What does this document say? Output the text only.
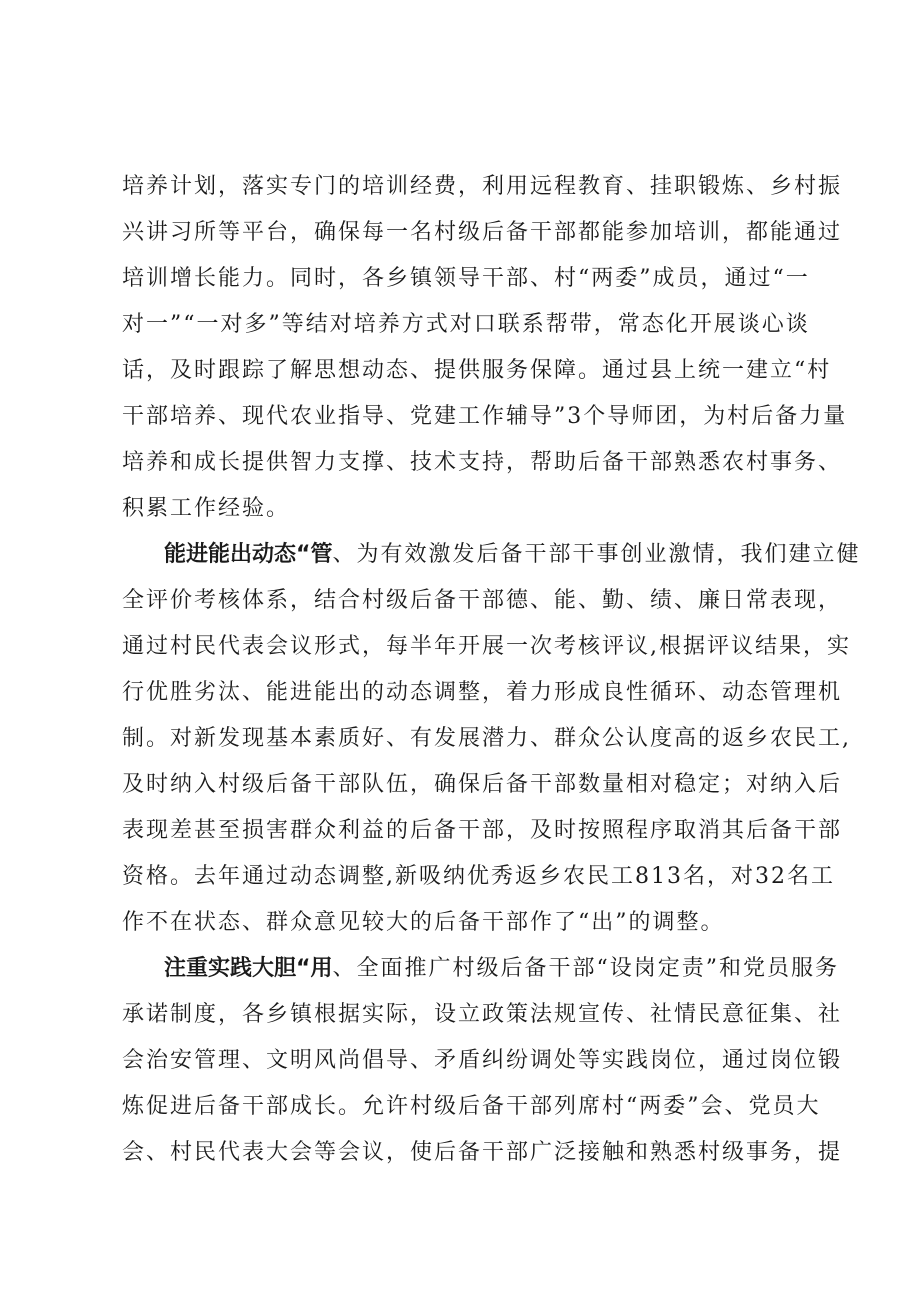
培养计划，落实专门的培训经费，利用远程教育、挂职锻炼、乡村振
兴讲习所等平台，确保每一名村级后备干部都能参加培训，都能通过
培训增长能力。同时，各乡镇领导干部、村“两委”成员，通过“一
对一”“一对多”等结对培养方式对口联系帮带，常态化开展谈心谈
话，及时跟踪了解思想动态、提供服务保障。通过县上统一建立“村
干部培养、现代农业指导、党建工作辅导”3个导师团，为村后备力量
培养和成长提供智力支撑、技术支持，帮助后备干部熟悉农村事务、
积累工作经验。
能进能出动态“管、为有效激发后备干部干事创业激情，我们建立健
全评价考核体系，结合村级后备干部德、能、勤、绩、廉日常表现，
通过村民代表会议形式，每半年开展一次考核评议,根据评议结果，实
行优胜劣汰、能进能出的动态调整，着力形成良性循环、动态管理机
制。对新发现基本素质好、有发展潜力、群众公认度高的返乡农民工,
及时纳入村级后备干部队伍，确保后备干部数量相对稳定；对纳入后
表现差甚至损害群众利益的后备干部，及时按照程序取消其后备干部
资格。去年通过动态调整,新吸纳优秀返乡农民工813名，对32名工
作不在状态、群众意见较大的后备干部作了“出”的调整。
注重实践大胆“用、全面推广村级后备干部“设岗定责”和党员服务
承诺制度，各乡镇根据实际，设立政策法规宣传、社情民意征集、社
会治安管理、文明风尚倡导、矛盾纠纷调处等实践岗位，通过岗位锻
炼促进后备干部成长。允许村级后备干部列席村“两委”会、党员大
会、村民代表大会等会议，使后备干部广泛接触和熟悉村级事务，提
